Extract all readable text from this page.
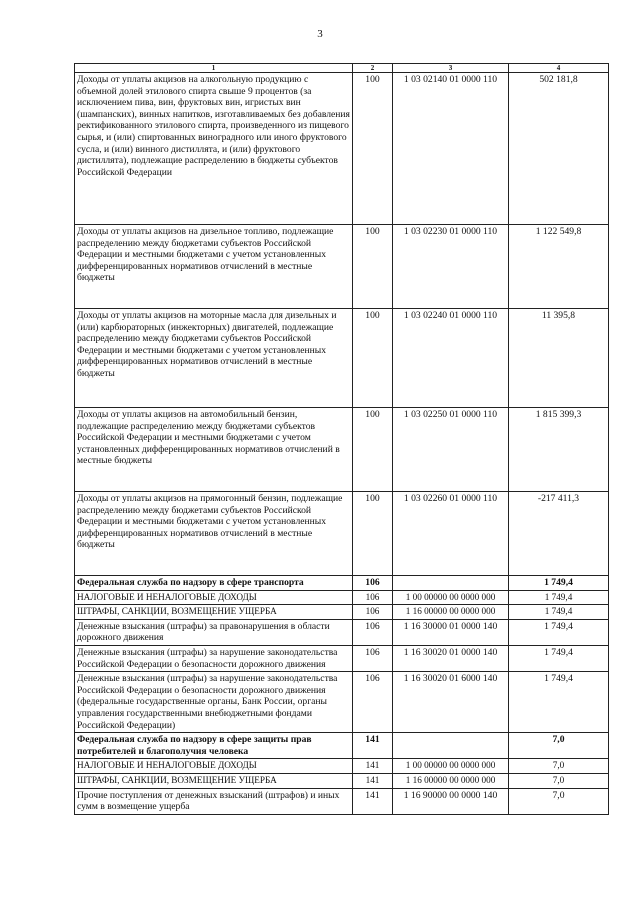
3
1	2	3	4
Доходы от уплаты акцизов на алкогольную продукцию с объемной долей этилового спирта свыше 9 процентов (за исключением пива, вин, фруктовых вин, игристых вин (шампанских), винных напитков, изготавливаемых без добавления ректификованного этилового спирта, произведенного из пищевого сырья, и (или) спиртованных виноградного или иного фруктового сусла, и (или) винного дистиллята, и (или) фруктового дистиллята), подлежащие распределению в бюджеты субъектов Российской Федерации	100	1 03 02140 01 0000 110	502 181,8
Доходы от уплаты акцизов на дизельное топливо, подлежащие распределению между бюджетами субъектов Российской Федерации и местными бюджетами с учетом установленных дифференцированных нормативов отчислений в местные бюджеты	100	1 03 02230 01 0000 110	1 122 549,8
Доходы от уплаты акцизов на моторные масла для дизельных и (или) карбюраторных (инжекторных) двигателей, подлежащие распределению между бюджетами субъектов Российской Федерации и местными бюджетами с учетом установленных дифференцированных нормативов отчислений в местные бюджеты	100	1 03 02240 01 0000 110	11 395,8
Доходы от уплаты акцизов на автомобильный бензин, подлежащие распределению между бюджетами субъектов Российской Федерации и местными бюджетами с учетом установленных дифференцированных нормативов отчислений в местные бюджеты	100	1 03 02250 01 0000 110	1 815 399,3
Доходы от уплаты акцизов на прямогонный бензин, подлежащие распределению между бюджетами субъектов Российской Федерации и местными бюджетами с учетом установленных дифференцированных нормативов отчислений в местные бюджеты	100	1 03 02260 01 0000 110	-217 411,3
Федеральная служба по надзору в сфере транспорта	106		1 749,4
НАЛОГОВЫЕ И НЕНАЛОГОВЫЕ ДОХОДЫ	106	1 00 00000 00 0000 000	1 749,4
ШТРАФЫ, САНКЦИИ, ВОЗМЕЩЕНИЕ УЩЕРБА	106	1 16 00000 00 0000 000	1 749,4
Денежные взыскания (штрафы) за правонарушения в области дорожного движения	106	1 16 30000 01 0000 140	1 749,4
Денежные взыскания (штрафы) за нарушение законодательства Российской Федерации о безопасности дорожного движения	106	1 16 30020 01 0000 140	1 749,4
Денежные взыскания (штрафы) за нарушение законодательства Российской Федерации о безопасности дорожного движения (федеральные государственные органы, Банк России, органы управления государственными внебюджетными фондами Российской Федерации)	106	1 16 30020 01 6000 140	1 749,4
Федеральная служба по надзору в сфере защиты прав потребителей и благополучия человека	141		7,0
НАЛОГОВЫЕ И НЕНАЛОГОВЫЕ ДОХОДЫ	141	1 00 00000 00 0000 000	7,0
ШТРАФЫ, САНКЦИИ, ВОЗМЕЩЕНИЕ УЩЕРБА	141	1 16 00000 00 0000 000	7,0
Прочие поступления от денежных взысканий (штрафов) и иных сумм в возмещение ущерба	141	1 16 90000 00 0000 140	7,0
